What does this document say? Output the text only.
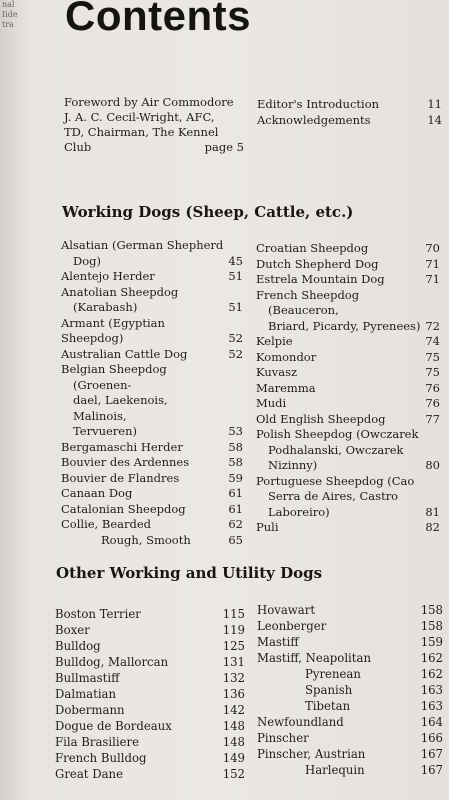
nal
Iide
tra Contents
Foreword by Air Commodore
J. A. C. Cecil-Wright, AFC,
TD, Chairman, The Kennel
Club	page 5
Editor's Introduction	11
Acknowledgements	14
Working Dogs (Sheep, Cattle, etc.)
Alsatian (German Shepherd
Dog)	45
Alentejo Herder	51
Anatolian Sheepdog
(Karabash)	51
Armant (Egyptian Sheepdog)	52
Australian Cattle Dog	52
Belgian Sheepdog (Groenen-
dael, Laekenois, Malinois,
Tervueren)	53
Bergamaschi Herder	58
Bouvier des Ardennes	58
Bouvier de Flandres	59
Canaan Dog	61
Catalonian Sheepdog	61
Collie, Bearded	62
Rough, Smooth	65
Croatian Sheepdog	70
Dutch Shepherd Dog	71
Estrela Mountain Dog	71
French Sheepdog (Beauceron,
Briard, Picardy, Pyrenees) 72
Kelpie	74
Komondor	75
Kuvasz	75
Maremma	76
Mudi	76
Old English Sheepdog	77
Polish Sheepdog (Owczarek
Podhalanski, Owczarek
Nizinny)	80
Portuguese Sheepdog (Cao
Serra de Aires, Castro
Laboreiro)	81
Puli	82
Other Working and Utility Dogs
Boston Terrier	115
Boxer	119
Bulldog	125
Bulldog, Mallorcan	131
Bullmastiff	132
Dalmatian	136
Dobermann	142
Dogue de Bordeaux	148
Fila Brasiliere	148
French Bulldog	149
Great Dane	152
Hovawart	158
Leonberger	158
Mastiff	159
Mastiff, Neapolitan	162
Pyrenean	162
Spanish	163
Tibetan	163
Newfoundland	164
Pinscher	166
Pinscher, Austrian	167
Harlequin	167
